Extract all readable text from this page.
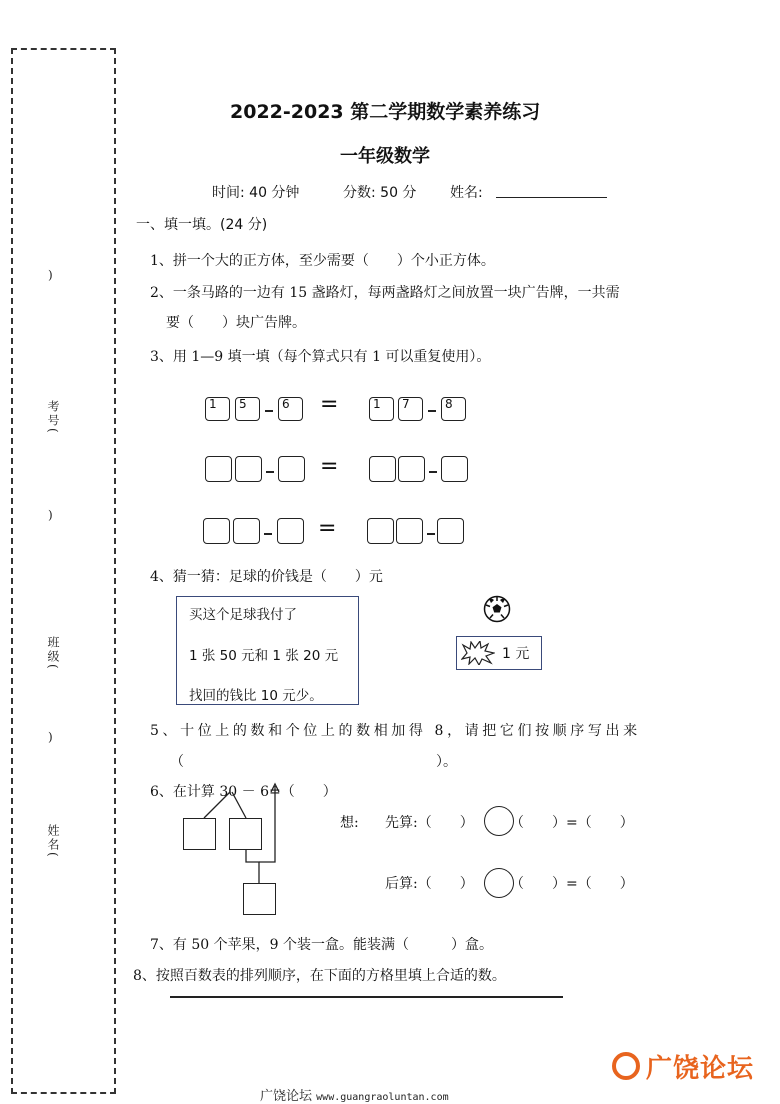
)
考号(
)
班级(
)
姓名(
2022-2023 第二学期数学素养练习
一年级数学
时间: 40 分钟	分数: 50 分 姓名:
一、填一填。(24 分)
1、拼一个大的正方体，至少需要（　　）个小正方体。
2、一条马路的一边有 15 盏路灯，每两盏路灯之间放置一块广告牌，一共需
要（　　）块广告牌。
3、用 1—9 填一填（每个算式只有 1 可以重复使用）。
1 5	6 =	1 7	8
=
=
4、猜一猜：足球的价钱是（　　）元
买这个足球我付了
1 张 50 元和 1 张 20 元
找回的钱比 10 元少。
1 元
5、十位上的数和个位上的数相加得 8，请把它们按顺序写出来
（　　　　　　　　　　　　　　　　　　）。
6、在计算 30 － 6=（　　）
想: 先算:（　　）	（　　）=（　　）
后算:（　　）	（　　）=（　　）
7、有 50 个苹果，9 个装一盒。能装满（　　　）盒。
8、按照百数表的排列顺序，在下面的方格里填上合适的数。
广饶论坛 www.guangraoluntan.com
广饶论坛
